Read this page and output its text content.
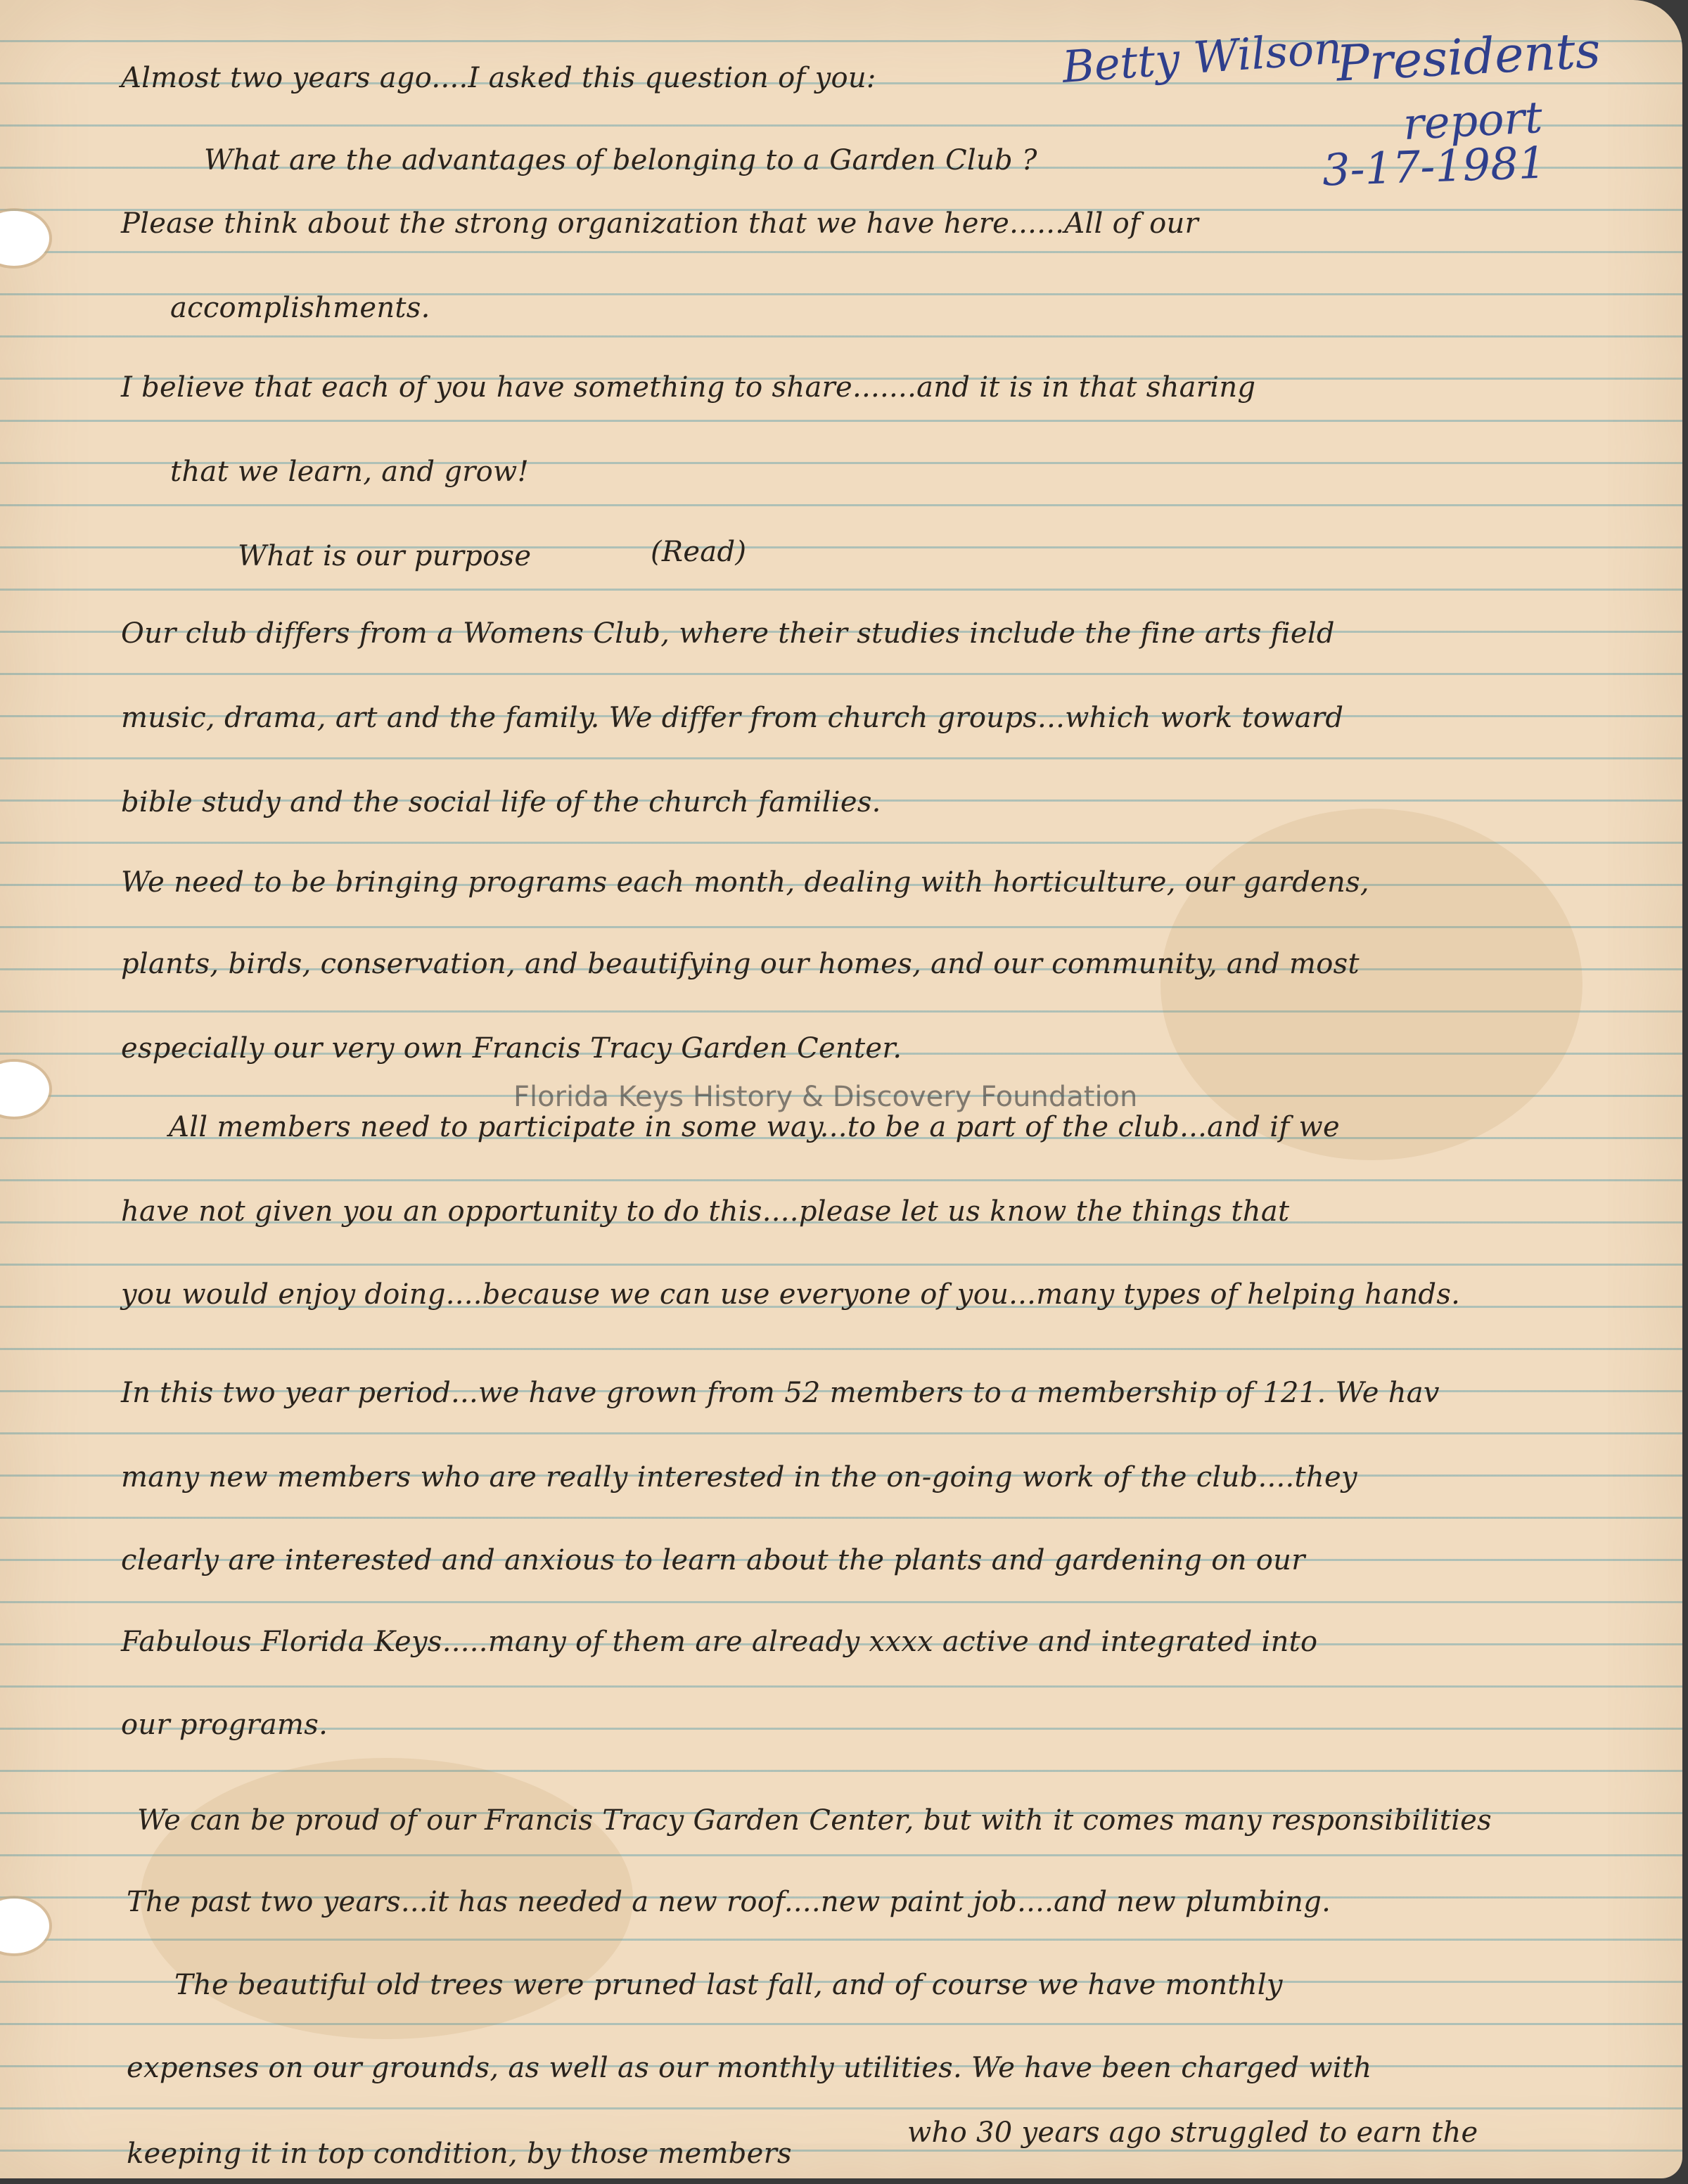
Betty Wilson
Presidents
report
3-17-1981
Almost two years ago....I asked this question of you:
What are the advantages of belonging to a Garden Club ?
Please think about the strong organization that we have here......All of our
accomplishments.
I believe that each of you have something to share.......and it is in that sharing
that we learn, and grow!
What is our purpose	(Read)
Our club differs from a Womens Club, where their studies include the fine arts field
music, drama, art and the family. We differ from church groups...which work toward
bible study and the social life of the church families.
We need to be bringing programs each month, dealing with horticulture, our gardens,
plants, birds, conservation, and beautifying our homes, and our community, and most
especially our very own Francis Tracy Garden Center.
All members need to participate in some way...to be a part of the club...and if we
have not given you an opportunity to do this....please let us know the things that
you would enjoy doing....because we can use everyone of you...many types of helping hands.
In this two year period...we have grown from 52 members to a membership of 121. We hav
many new members who are really interested in the on-going work of the club....they
clearly are interested and anxious to learn about the plants and gardening on our
Fabulous Florida Keys.....many of them are already xxxx active and integrated into
our programs.
We can be proud of our Francis Tracy Garden Center, but with it comes many responsibilities
The past two years...it has needed a new roof....new paint job....and new plumbing.
The beautiful old trees were pruned last fall, and of course we have monthly
expenses on our grounds, as well as our monthly utilities. We have been charged with
keeping it in top condition, by those members
who 30 years ago struggled to earn the
Florida Keys History & Discovery Foundation
